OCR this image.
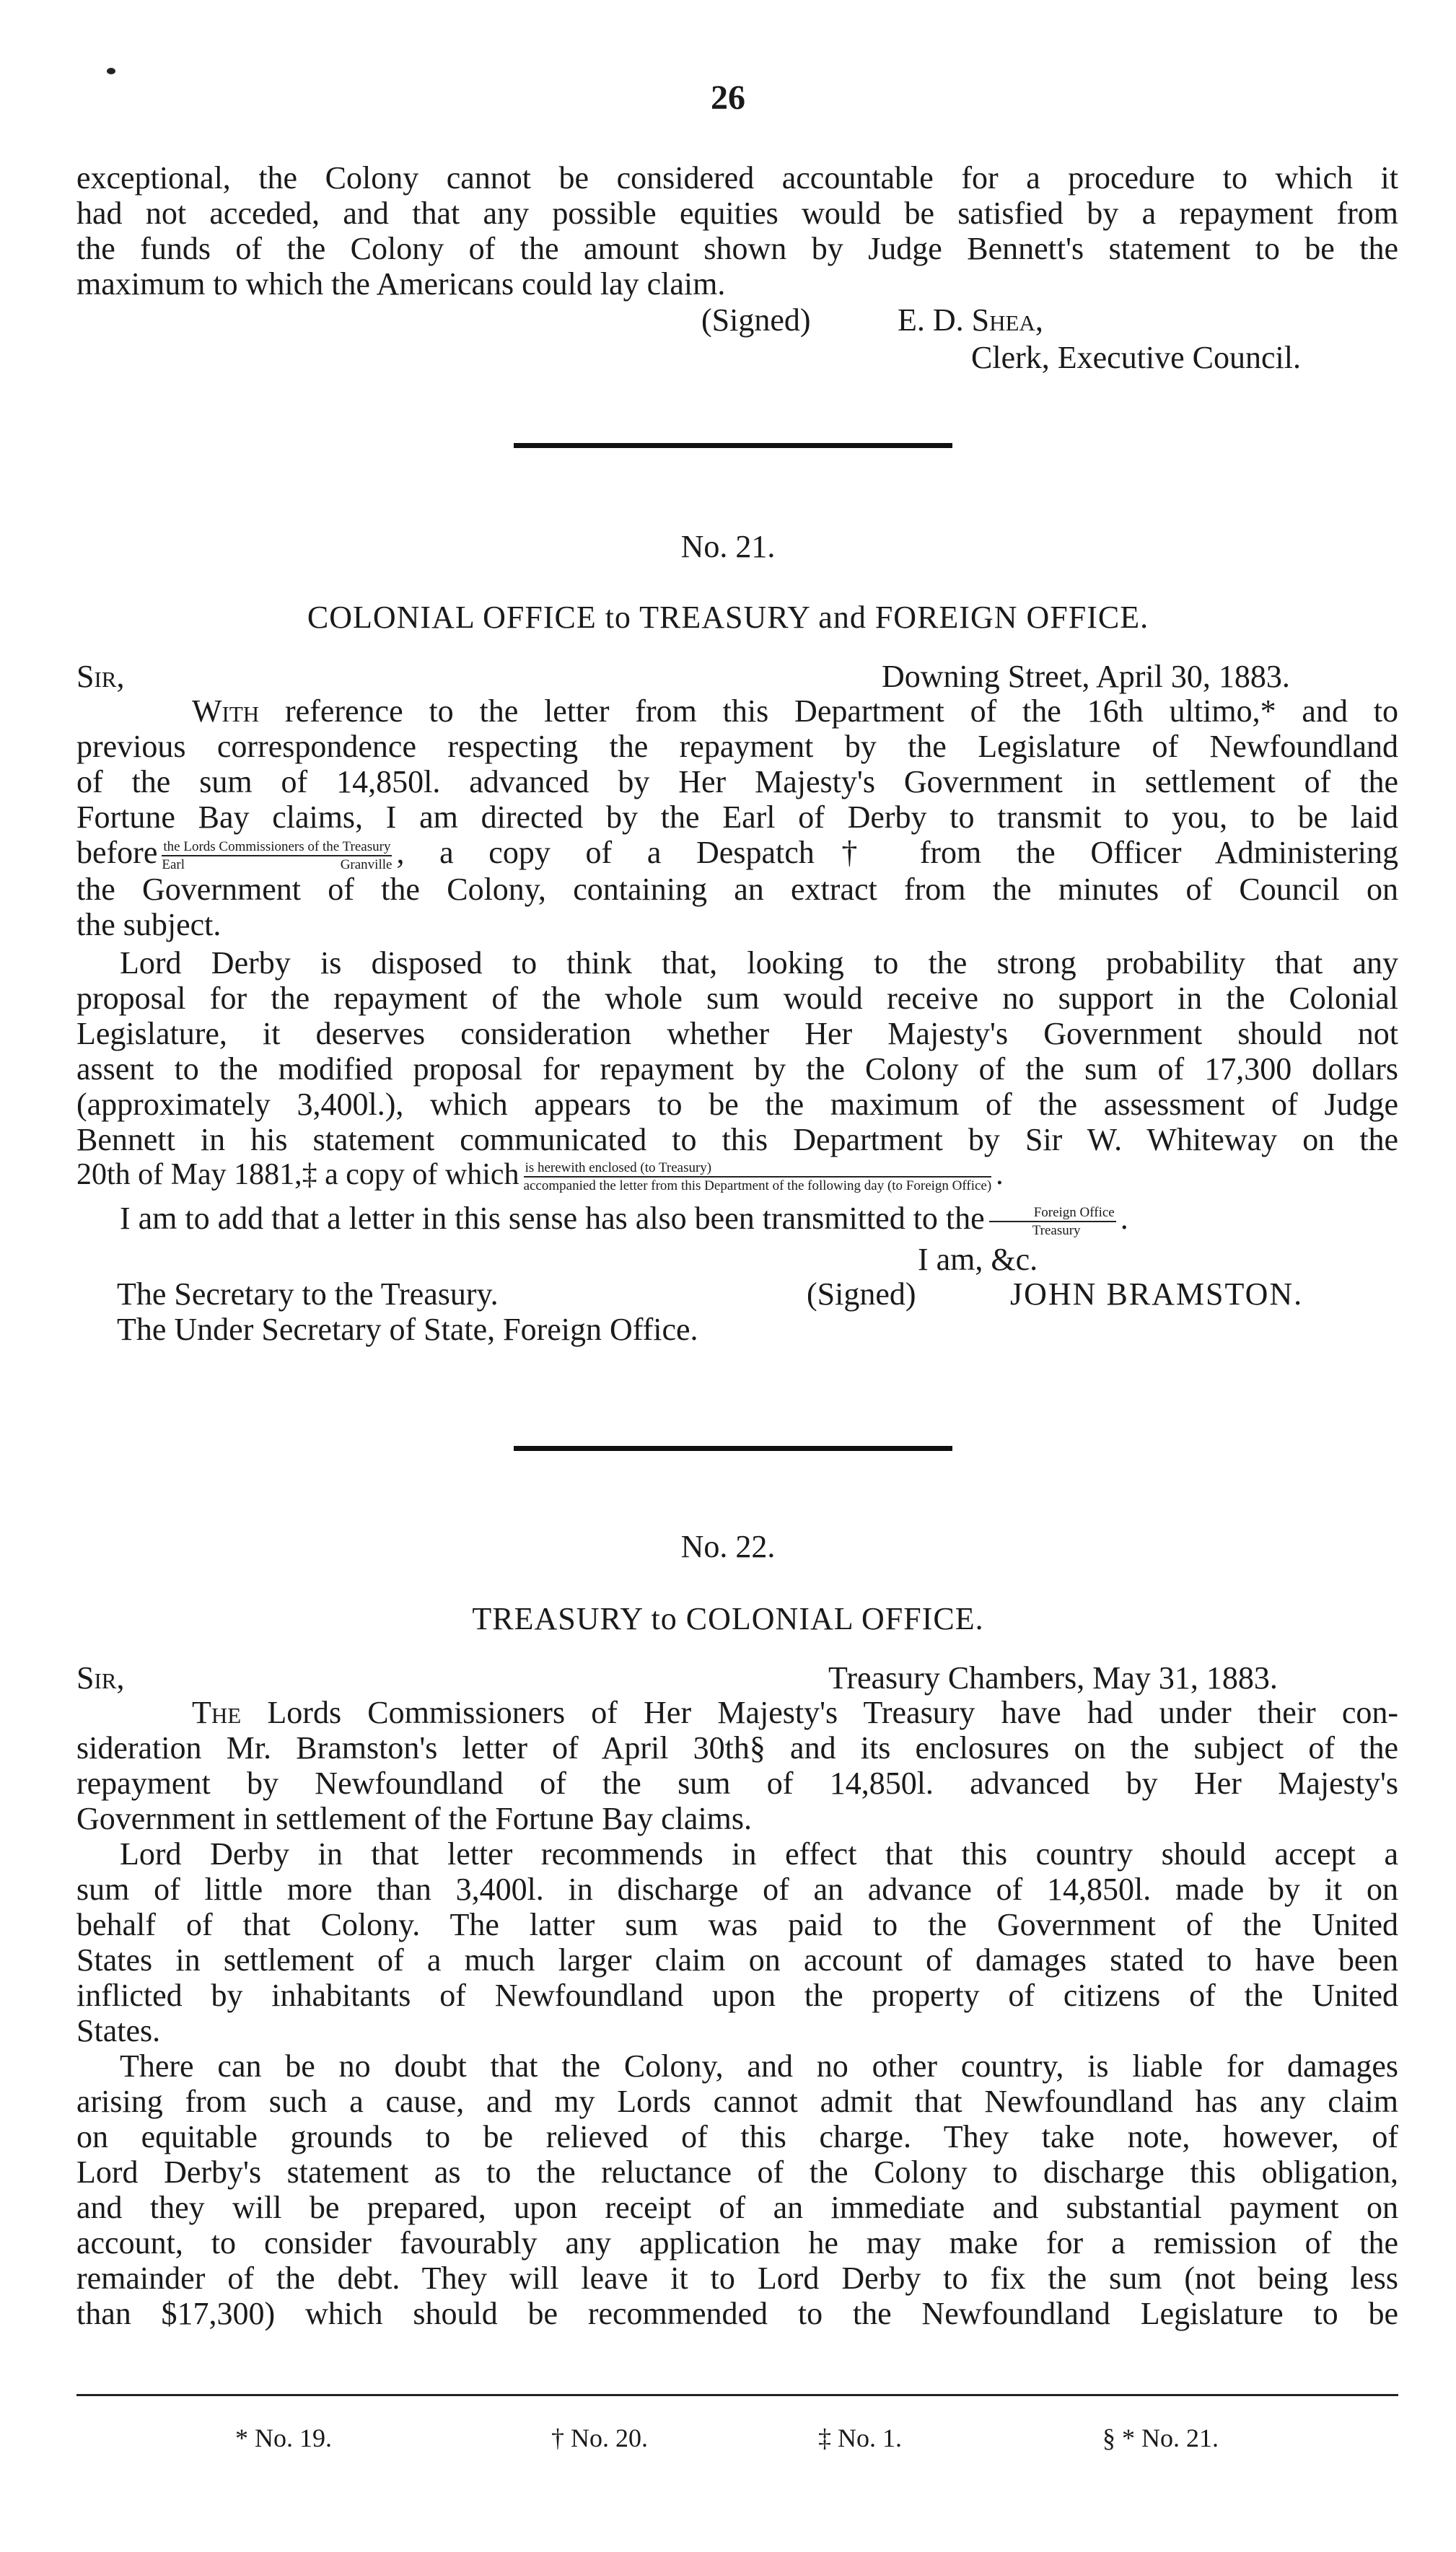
26
exceptional, the Colony cannot be considered accountable for a procedure to which it
had not acceded, and that any possible equities would be satisfied by a repayment from
the funds of the Colony of the amount shown by Judge Bennett's statement to be the
maximum to which the Americans could lay claim.
(Signed)	E. D. Shea,
Clerk, Executive Council.
No. 21.
COLONIAL OFFICE to TREASURY and FOREIGN OFFICE.
Sir,	Downing Street, April 30, 1883.
With reference to the letter from this Department of the 16th ultimo,* and to
previous correspondence respecting the repayment by the Legislature of Newfoundland
of the sum of 14,850l. advanced by Her Majesty's Government in settlement of the
Fortune Bay claims, I am directed by the Earl of Derby to transmit to you, to be laid
before the Lords Commissioners of the Treasury
Earl Granville , a copy of a Despatch† from the Officer Administering
the Government of the Colony, containing an extract from the minutes of Council on
the subject.
Lord Derby is disposed to think that, looking to the strong probability that any
proposal for the repayment of the whole sum would receive no support in the Colonial
Legislature, it deserves consideration whether Her Majesty's Government should not
assent to the modified proposal for repayment by the Colony of the sum of 17,300 dollars
(approximately 3,400l.), which appears to be the maximum of the assessment of Judge
Bennett in his statement communicated to this Department by Sir W. Whiteway on the
20th of May 1881,‡ a copy of which is herewith enclosed (to Treasury)
accompanied the letter from this Department of the following day (to Foreign Office) .
I am to add that a letter in this sense has also been transmitted to the	Foreign Office
Treasury	.
I am, &c.
The Secretary to the Treasury.	(Signed)	JOHN BRAMSTON.
The Under Secretary of State, Foreign Office.
No. 22.
TREASURY to COLONIAL OFFICE.
Sir,	Treasury Chambers, May 31, 1883.
The Lords Commissioners of Her Majesty's Treasury have had under their con-
sideration Mr. Bramston's letter of April 30th§ and its enclosures on the subject of the
repayment by Newfoundland of the sum of 14,850l. advanced by Her Majesty's
Government in settlement of the Fortune Bay claims.
Lord Derby in that letter recommends in effect that this country should accept a
sum of little more than 3,400l. in discharge of an advance of 14,850l. made by it on
behalf of that Colony. The latter sum was paid to the Government of the United
States in settlement of a much larger claim on account of damages stated to have been
inflicted by inhabitants of Newfoundland upon the property of citizens of the United
States.
There can be no doubt that the Colony, and no other country, is liable for damages
arising from such a cause, and my Lords cannot admit that Newfoundland has any claim
on equitable grounds to be relieved of this charge. They take note, however, of
Lord Derby's statement as to the reluctance of the Colony to discharge this obligation,
and they will be prepared, upon receipt of an immediate and substantial payment on
account, to consider favourably any application he may make for a remission of the
remainder of the debt. They will leave it to Lord Derby to fix the sum (not being less
than $17,300) which should be recommended to the Newfoundland Legislature to be
* No. 19.	† No. 20.	‡ No. 1.	§ * No. 21.
